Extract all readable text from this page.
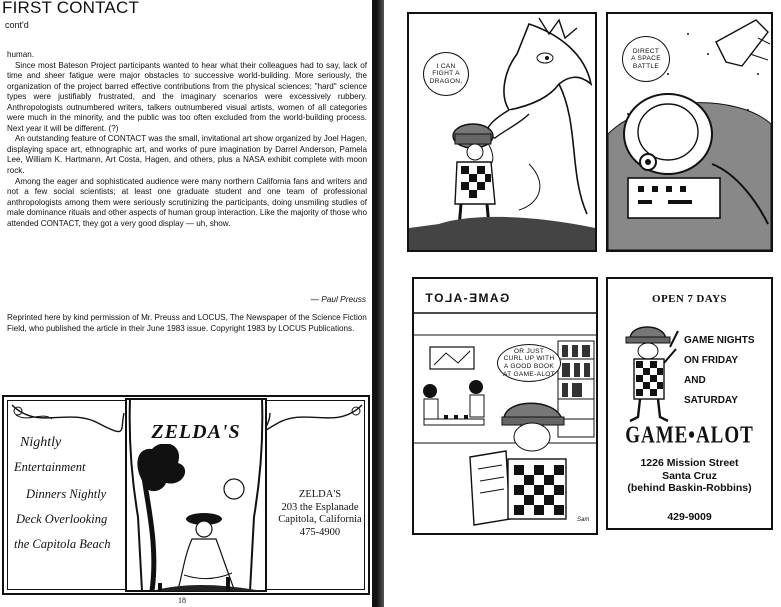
FIRST CONTACT
cont'd

human.

Since most Bateson Project participants wanted to hear what their colleagues had to say, lack of time and sheer fatigue were major obstacles to successive world-building. More seriously, the organization of the project barred effective contributions from the physical sciences; "hard" science types were justifiably frustrated, and the imaginary scenarios were excessively rubbery. Anthropologists outnumbered writers, talkers outnumbered visual artists, women of all categories were much in the minority, and the public was too often excluded from the world-building process. Next year it will be different. (?)

An outstanding feature of CONTACT was the small, invitational art show organized by Joel Hagen, displaying space art, ethnographic art, and works of pure imagination by Darrel Anderson, Pamela Lee, William K. Hartmann, Art Costa, Hagen, and others, plus a NASA exhibit complete with moon rock.

Among the eager and sophisticated audience were many northern California fans and writers and not a few social scientists; at least one graduate student and one team of professional anthropologists among them were seriously scrutinizing the participants, doing unsmiling studies of male dominance rituals and other aspects of human group interaction. Like the majority of those who attended CONTACT, they got a very good display — uh, show.

— Paul Preuss
Reprinted here by kind permission of Mr. Preuss and LOCUS, The Newspaper of the Science Fiction Field, who published the article in their June 1983 issue. Copyright 1983 by LOCUS Publications.
Nightly
Entertainment
Dinners Nightly
Deck Overlooking
the Capitola Beach
ZELDA'S
ZELDA'S
203 the Esplanade
Capitola, California
475-4900
18
I CAN
FIGHT A
DRAGON,
DIRECT
A SPACE
BATTLE
GAME-ALOT
OR JUST
CURL UP WITH
A GOOD BOOK
AT GAME-ALOT
Sam
OPEN 7 DAYS
GAME NIGHTS
ON FRIDAY
AND
SATURDAY
GAME•ALOT
1226 Mission Street
Santa Cruz
(behind Baskin-Robbins)
429-9009
